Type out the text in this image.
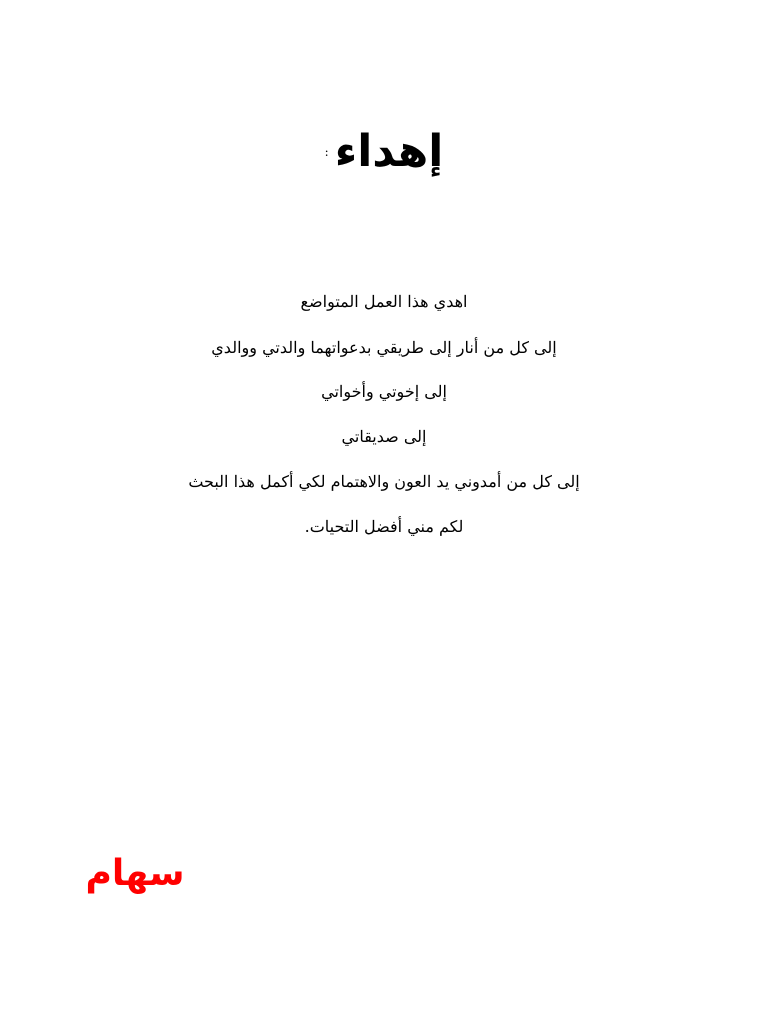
إهداء:
اهدي هذا العمل المتواضع
إلى كل من أنار إلى طريقي بدعواتهما والدتي ووالدي
إلى إخوتي وأخواتي
إلى صديقاتي
إلى كل من أمدوني يد العون والاهتمام لكي أكمل هذا البحث
لكم مني أفضل التحيات.
سهام
